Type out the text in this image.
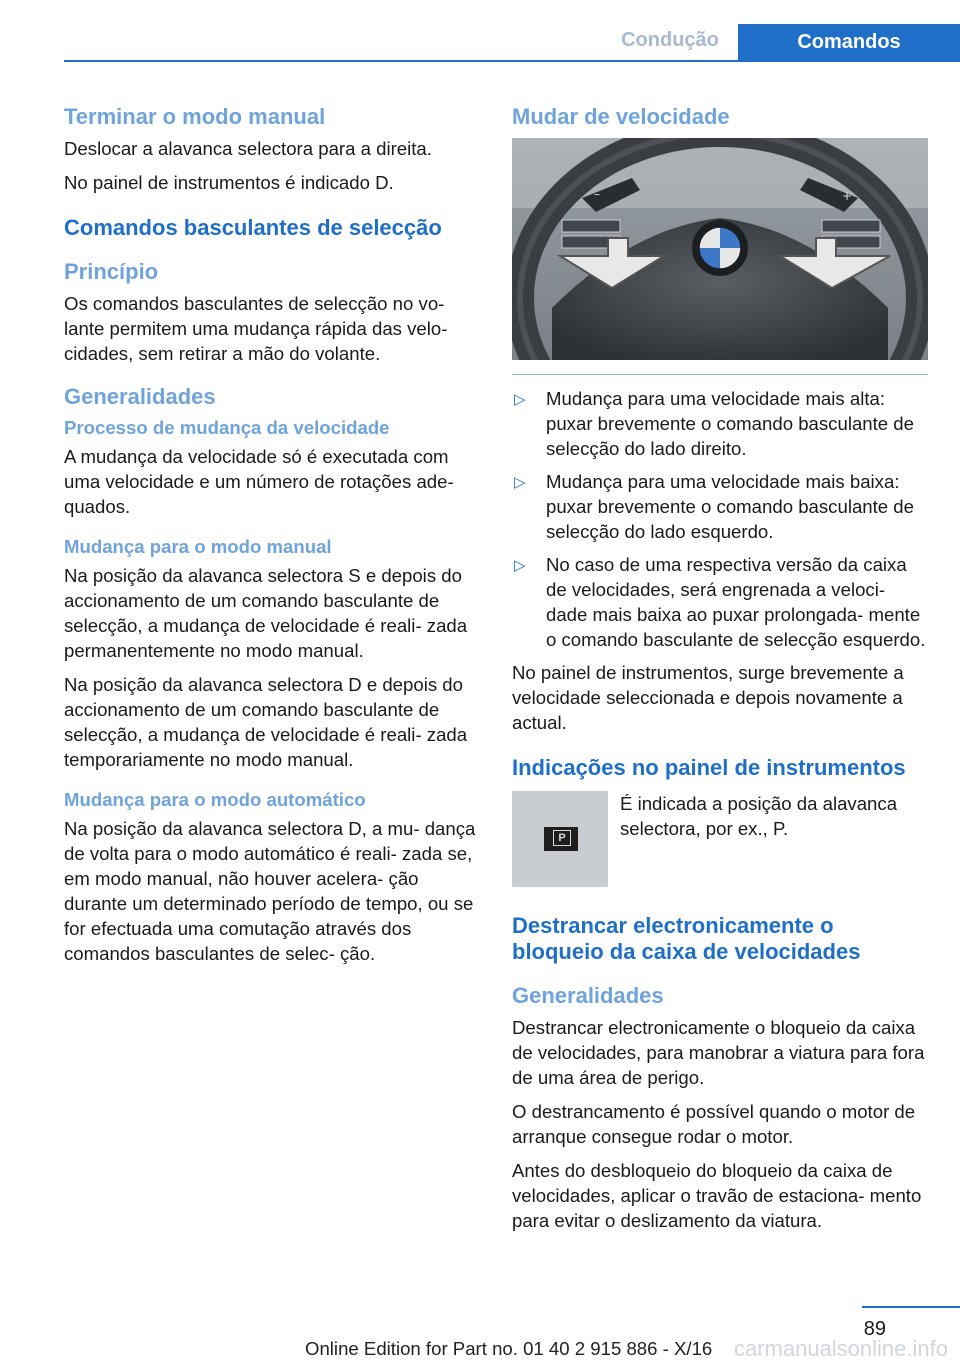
Condução	Comandos
Terminar o modo manual

Deslocar a alavanca selectora para a direita.

No painel de instrumentos é indicado D.

Comandos basculantes de selecção
Princípio

Os comandos basculantes de selecção no vo‐ lante permitem uma mudança rápida das velo‐ cidades, sem retirar a mão do volante.

Generalidades
Processo de mudança da velocidade

A mudança da velocidade só é executada com uma velocidade e um número de rotações ade‐ quados.

Mudança para o modo manual

Na posição da alavanca selectora S e depois do accionamento de um comando basculante de selecção, a mudança de velocidade é reali‐ zada permanentemente no modo manual.

Na posição da alavanca selectora D e depois do accionamento de um comando basculante de selecção, a mudança de velocidade é reali‐ zada temporariamente no modo manual.

Mudança para o modo automático

Na posição da alavanca selectora D, a mu‐ dança de volta para o modo automático é reali‐ zada se, em modo manual, não houver acelera‐ ção durante um determinado período de tempo, ou se for efectuada uma comutação através dos comandos basculantes de selec‐ ção.

Mudar de velocidade
–	+
▷ Mudança para uma velocidade mais alta: puxar brevemente o comando basculante de selecção do lado direito.
▷ Mudança para uma velocidade mais baixa: puxar brevemente o comando basculante de selecção do lado esquerdo.
▷ No caso de uma respectiva versão da caixa de velocidades, será engrenada a veloci‐ dade mais baixa ao puxar prolongada‐ mente o comando basculante de selecção esquerdo.

No painel de instrumentos, surge brevemente a velocidade seleccionada e depois novamente a actual.

Indicações no painel de instrumentos
P

É indicada a posição da alavanca selectora, por ex., P.

Destrancar electronicamente o bloqueio da caixa de velocidades
Generalidades

Destrancar electronicamente o bloqueio da caixa de velocidades, para manobrar a viatura para fora de uma área de perigo.

O destrancamento é possível quando o motor de arranque consegue rodar o motor.

Antes do desbloqueio do bloqueio da caixa de velocidades, aplicar o travão de estaciona‐ mento para evitar o deslizamento da viatura.

89
Online Edition for Part no. 01 40 2 915 886 - X/16 carmanualsonline.info
